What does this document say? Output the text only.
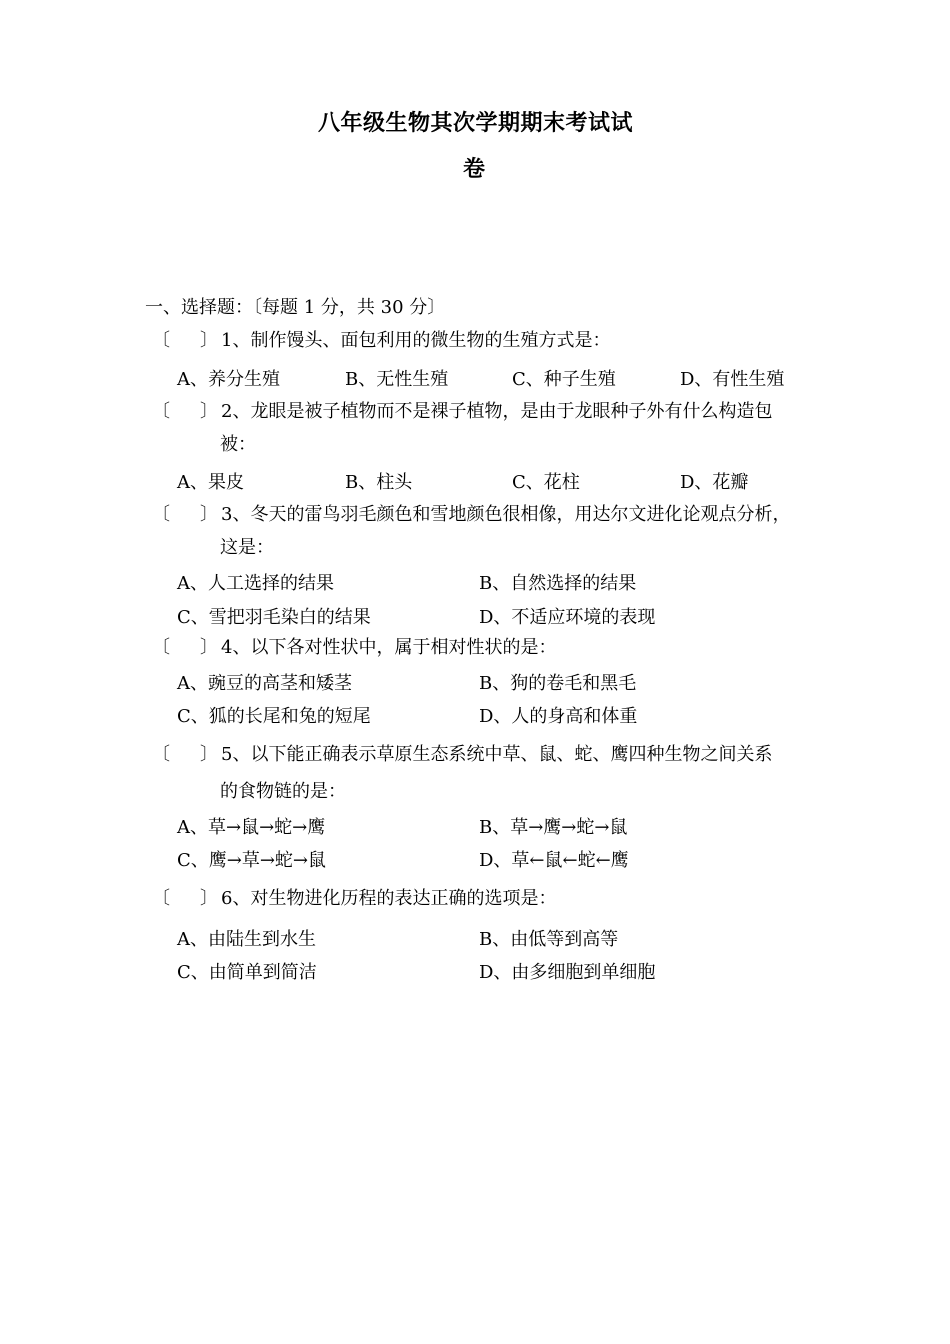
八年级生物其次学期期末考试试
卷
一、选择题：〔每题 1 分，共 30 分〕
〔 〕 1、制作馒头、面包利用的微生物的生殖方式是：
A、养分生殖	B、无性生殖	C、种子生殖	D、有性生殖
〔 〕 2、龙眼是被子植物而不是裸子植物，是由于龙眼种子外有什么构造包
被：
A、果皮	B、柱头	C、花柱	D、花瓣
〔 〕 3、冬天的雷鸟羽毛颜色和雪地颜色很相像，用达尔文进化论观点分析，
这是：
A、人工选择的结果	B、自然选择的结果
C、雪把羽毛染白的结果	D、不适应环境的表现
〔 〕 4、以下各对性状中，属于相对性状的是：
A、豌豆的高茎和矮茎	B、狗的卷毛和黑毛
C、狐的长尾和兔的短尾	D、人的身高和体重
〔 〕 5、以下能正确表示草原生态系统中草、鼠、蛇、鹰四种生物之间关系
的食物链的是：
A、草→鼠→蛇→鹰	B、草→鹰→蛇→鼠
C、鹰→草→蛇→鼠	D、草←鼠←蛇←鹰
〔 〕 6、对生物进化历程的表达正确的选项是：
A、由陆生到水生	B、由低等到高等
C、由简单到简洁	D、由多细胞到单细胞
